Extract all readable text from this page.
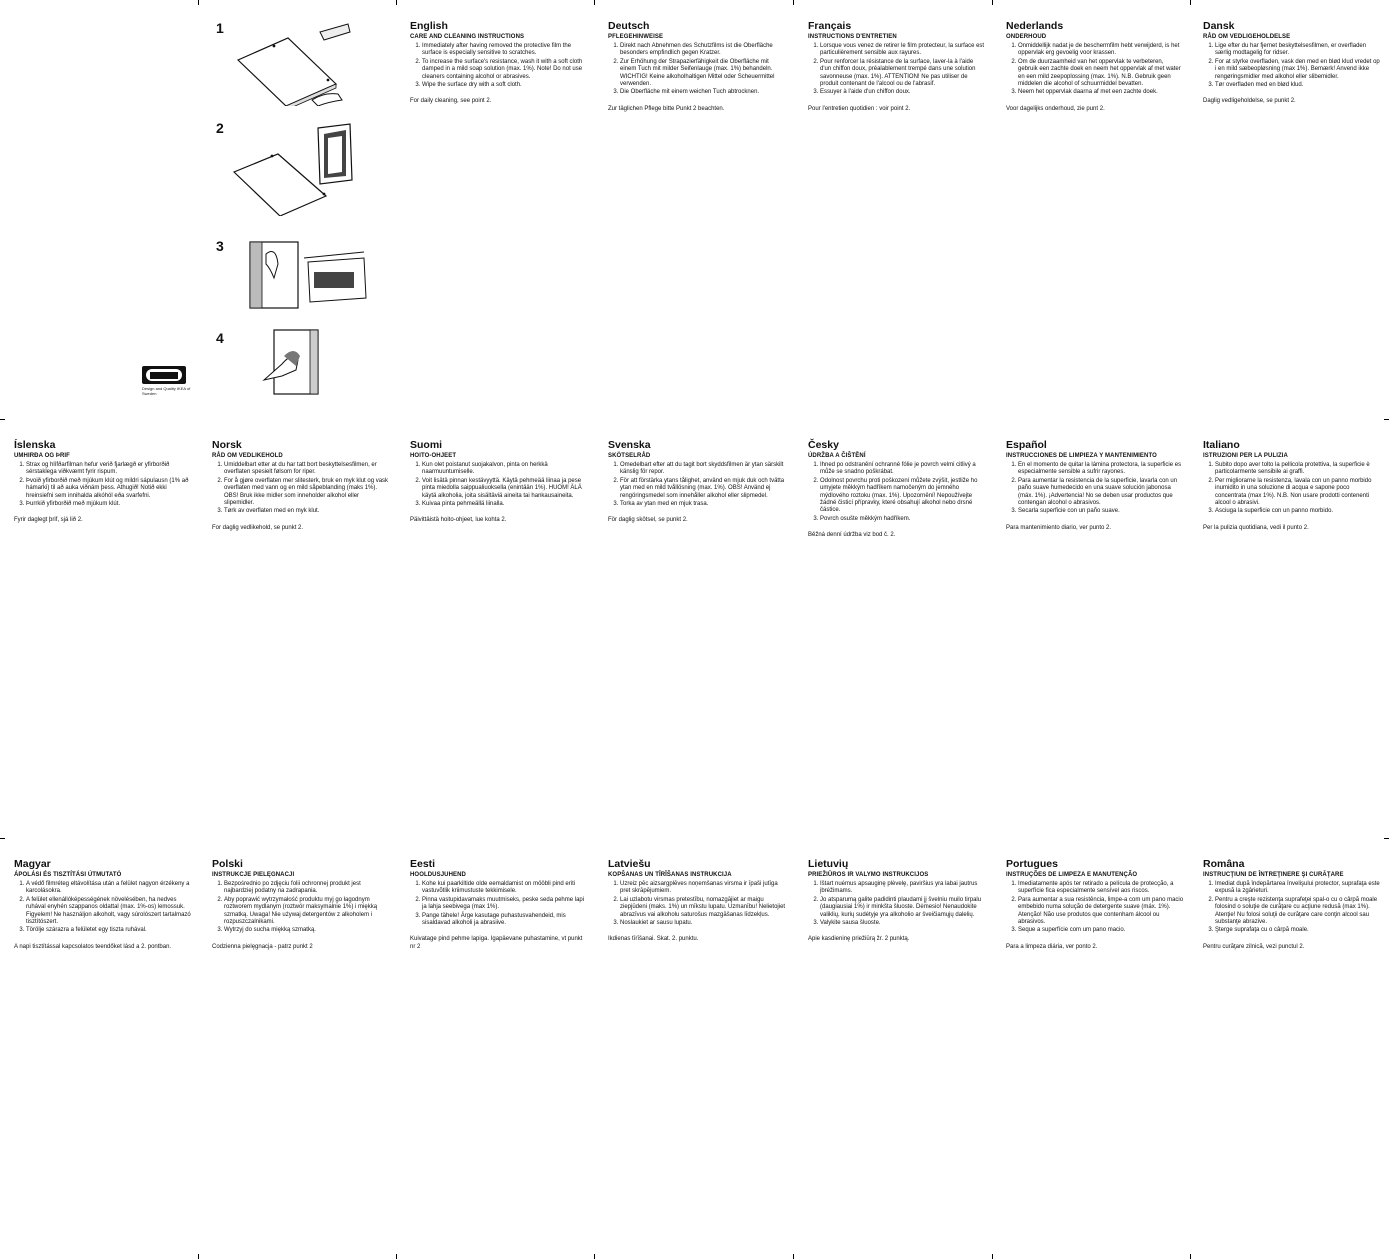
1
2
3
4
Design and Quality IKEA of Sweden
English
CARE AND CLEANING INSTRUCTIONS
1. Immediately after having removed the protective film the surface is especially sensitive to scratches.
2. To increase the surface's resistance, wash it with a soft cloth damped in a mild soap solution (max. 1%). Note! Do not use cleaners containing alcohol or abrasives.
3. Wipe the surface dry with a soft cloth.
For daily cleaning, see point 2.
Deutsch
PFLEGEHINWEISE
1. Direkt nach Abnehmen des Schutzfilms ist die Oberfläche besonders empfindlich gegen Kratzer.
2. Zur Erhöhung der Strapazierfähigkeit die Oberfläche mit einem Tuch mit milder Seifenlauge (max. 1%) behandeln. WICHTIG! Keine alkoholhaltigen Mittel oder Scheuermittel verwenden.
3. Die Oberfläche mit einem weichen Tuch abtrocknen.
Zur täglichen Pflege bitte Punkt 2 beachten.
Français
INSTRUCTIONS D'ENTRETIEN
1. Lorsque vous venez de retirer le film protecteur, la surface est particulièrement sensible aux rayures.
2. Pour renforcer la résistance de la surface, laver-la à l'aide d'un chiffon doux, préalablement trempé dans une solution savonneuse (max. 1%). ATTENTION! Ne pas utiliser de produit contenant de l'alcool ou de l'abrasif.
3. Essuyer à l'aide d'un chiffon doux.
Pour l'entretien quotidien : voir point 2.
Nederlands
ONDERHOUD
1. Onmiddellijk nadat je de beschermfilm hebt verwijderd, is het oppervlak erg gevoelig voor krassen.
2. Om de duurzaamheid van het oppervlak te verbeteren, gebruik een zachte doek en neem het oppervlak af met water en een mild zeepoplossing (max. 1%). N.B. Gebruik geen middelen die alcohol of schuurmiddel bevatten.
3. Neem het oppervlak daarna af met een zachte doek.
Voor dagelijks onderhoud, zie punt 2.
Dansk
RÅD OM VEDLIGEHOLDELSE
1. Lige efter du har fjernet beskyttelsesfilmen, er overfladen særlig modtagelig for ridser.
2. For at styrke overfladen, vask den med en blød klud vredet op i en mild sæbeopløsning (max 1%). Bemærk! Anvend ikke rengøringsmidler med alkohol eller slibemidler.
3. Tør overfladen med en blød klud.
Daglig vedligeholdelse, se punkt 2.
Íslenska
UMHIRÐA OG ÞRIF
1. Strax og hlífðarfilman hefur verið fjarlægð er yfirborðið sérstaklega viðkvæmt fyrir rispum.
2. Þvoið yfirborðið með mjúkum klút og mildri sápulausn (1% að hámarki) til að auka viðnám þess. Athugið! Notið ekki hreinsiefni sem innihalda alkóhól eða svarfefni.
3. Þurrkið yfirborðið með mjúkum klút.
Fyrir daglegt þrif, sjá lið 2.
Norsk
RÅD OM VEDLIKEHOLD
1. Umiddelbart etter at du har tatt bort beskyttelsesfilmen, er overflaten spesielt følsom for riper.
2. For å gjøre overflaten mer slitesterk, bruk en myk klut og vask overflaten med vann og en mild såpeblanding (maks 1%). OBS! Bruk ikke midler som inneholder alkohol eller slipemidler.
3. Tørk av overflaten med en myk klut.
For daglig vedlikehold, se punkt 2.
Suomi
HOITO-OHJEET
1. Kun olet poistanut suojakalvon, pinta on herkkä naarmuuntumiselle.
2. Voit lisätä pinnan kestävyyttä. Käytä pehmeää liinaa ja pese pinta miedolla saippualiuoksella (enintään 1%). HUOM! ÄLÄ käytä alkoholia, joita sisältäviä aineita tai hankausaineita.
3. Kuivaa pinta pehmeällä liinalla.
Päivittäistä hoito-ohjeet, lue kohta 2.
Svenska
SKÖTSELRÅD
1. Omedelbart efter att du tagit bort skyddsfilmen är ytan särskilt känslig för repor.
2. För att förstärka ytans tålighet, använd en mjuk duk och tvätta ytan med en mild tvållösning (max. 1%). OBS! Använd ej rengöringsmedel som innehåller alkohol eller slipmedel.
3. Torka av ytan med en mjuk trasa.
För daglig skötsel, se punkt 2.
Česky
ÚDRŽBA A ČIŠTĚNÍ
1. Ihned po odstranění ochranné fólie je povrch velmi citlivý a může se snadno poškrábat.
2. Odolnost povrchu proti poškození můžete zvýšit, jestliže ho umyjete měkkým hadříkem namočeným do jemného mýdlového roztoku (max. 1%). Upozornění! Nepoužívejte žádné čisticí přípravky, které obsahují alkohol nebo drsné částice.
3. Povrch osušte měkkým hadříkem.
Běžná denní údržba viz bod č. 2.
Español
INSTRUCCIONES DE LIMPIEZA Y MANTENIMIENTO
1. En el momento de quitar la lámina protectora, la superficie es especialmente sensible a sufrir rayones.
2. Para aumentar la resistencia de la superficie, lavarla con un paño suave humedecido en una suave solución jabonosa (máx. 1%). ¡Advertencia! No se deben usar productos que contengan alcohol o abrasivos.
3. Secarla superficie con un paño suave.
Para mantenimiento diario, ver punto 2.
Italiano
ISTRUZIONI PER LA PULIZIA
1. Subito dopo aver tolto la pellicola protettiva, la superficie è particolarmente sensibile ai graffi.
2. Per migliorarne la resistenza, lavala con un panno morbido inumidito in una soluzione di acqua e sapone poco concentrata (max 1%). N.B. Non usare prodotti contenenti alcool o abrasivi.
3. Asciuga la superficie con un panno morbido.
Per la pulizia quotidiana, vedi il punto 2.
Magyar
ÁPOLÁSI ÉS TISZTÍTÁSI ÚTMUTATÓ
1. A védő filmréteg eltávolítása után a felület nagyon érzékeny a karcolásokra.
2. A felület ellenállóképességének növelésében, ha nedves ruhával enyhén szappanos oldattal (max. 1%-os) lemossuk. Figyelem! Ne használjon alkoholt, vagy súrolószert tartalmazó tisztítószert.
3. Törölje szárazra a felületet egy tiszta ruhával.
A napi tisztítással kapcsolatos teendőket lásd a 2. pontban.
Polski
INSTRUKCJE PIELĘGNACJI
1. Bezpośrednio po zdjęciu folii ochronnej produkt jest najbardziej podatny na zadrapania.
2. Aby poprawić wytrzymałość produktu myj go łagodnym roztworem mydlanym (roztwór maksymalnie 1%) i miękką szmatką. Uwaga! Nie używaj detergentów z alkoholem i rozpuszczalnikami.
3. Wytrzyj do sucha miękką szmatką.
Codzienna pielęgnacja - patrz punkt 2
Eesti
HOOLDUSJUHEND
1. Kohe kui paarkiltide olde eemaldamist on mööbli pind eriti vastuvõtlik kriimustuste tekkimisele.
2. Pinna vastupidavamaks muutmiseks, peske seda pehme lapi ja lahja seebivega (max 1%).
3. Pange tähele! Ärge kasutage puhastusvahendeid, mis sisaldavad alkoholi ja abrasiive.
Kuivatage pind pehme lapiga. Igapäevane puhastamine, vt punkt nr 2
Latviešu
KOPŠANAS UN TĪRĪŠANAS INSTRUKCIJA
1. Uzreiz pēc aizsargplēves noņemšanas virsma ir īpaši jutīga pret skrāpējumiem.
2. Lai uzlabotu virsmas pretestību, nomazgājiet ar maigu ziepjūdeni (maks. 1%) un mīkstu lupatu. Uzmanību! Nelietojiet abrazīvus vai alkoholu saturošus mazgāšanas līdzekļus.
3. Noslaukiet ar sausu lupatu.
Ikdienas tīrīšanai. Skat. 2. punktu.
Lietuvių
PRIEŽIŪROS IR VALYMO INSTRUKCIJOS
1. Ištart nuėmus apsauginę plėvelę, paviršius yra labai jautrus įbrėžimams.
2. Jo atsparumą galite padidinti plaudami jį švelniu muilo tirpalu (daugiausiai 1%) ir minkšta šluoste. Dėmesio! Nenaudokite valiklių, kurių sudėtyje yra alkoholio ar šveičiamųjų dalelių.
3. Valykite sausa šluoste.
Apie kasdieninę priežiūrą žr. 2 punktą.
Portugues
INSTRUÇÕES DE LIMPEZA E MANUTENÇÃO
1. Imediatamente após ter retirado a película de protecção, a superfície fica especialmente sensível aos riscos.
2. Para aumentar a sua resistência, limpe-a com um pano macio embebido numa solução de detergente suave (máx. 1%). Atenção! Não use produtos que contenham álcool ou abrasivos.
3. Seque a superfície com um pano macio.
Para a limpeza diária, ver ponto 2.
Româna
INSTRUCŢIUNI DE ÎNTREŢINERE ŞI CURĂŢARE
1. Imediat după îndepărtarea învelişului protector, suprafaţa este expusă la zgârieturi.
2. Pentru a creşte rezistenţa suprafeţei spal-o cu o cârpă moale folosind o soluţie de curăţare cu acţiune redusă (max 1%). Atenţie! Nu folosi soluţii de curăţare care conţin alcool sau substanţe abrazive.
3. Şterge suprafaţa cu o cârpă moale.
Pentru curăţare zilnică, vezi punctul 2.
